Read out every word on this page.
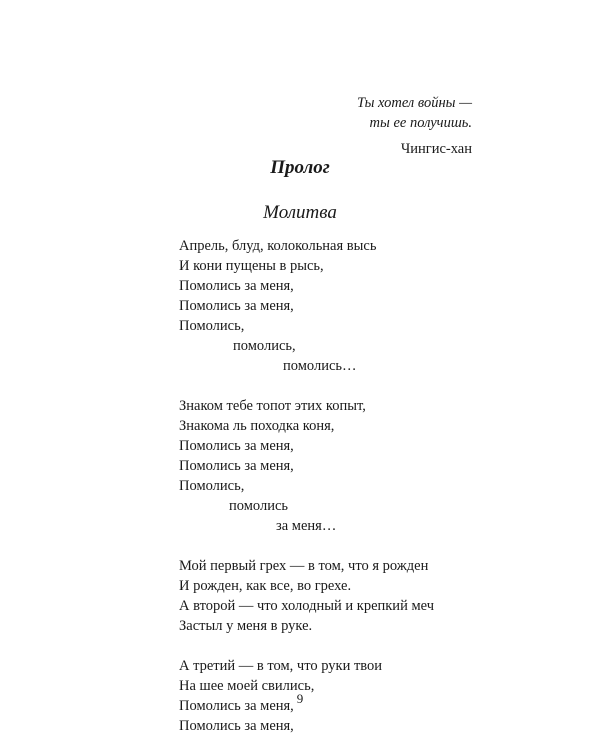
Ты хотел войны —
ты ее получишь.
Чингис-хан
Пролог
Молитва
Апрель, блуд, колокольная высь
И кони пущены в рысь,
Помолись за меня,
Помолись за меня,
Помолись,
помолись,
помолись…
Знаком тебе топот этих копыт,
Знакома ль походка коня,
Помолись за меня,
Помолись за меня,
Помолись,
помолись
за меня…
Мой первый грех — в том, что я рожден
И рожден, как все, во грехе.
А второй — что холодный и крепкий меч
Застыл у меня в руке.
А третий — в том, что руки твои
На шее моей свились,
Помолись за меня,
Помолись за меня,
9
